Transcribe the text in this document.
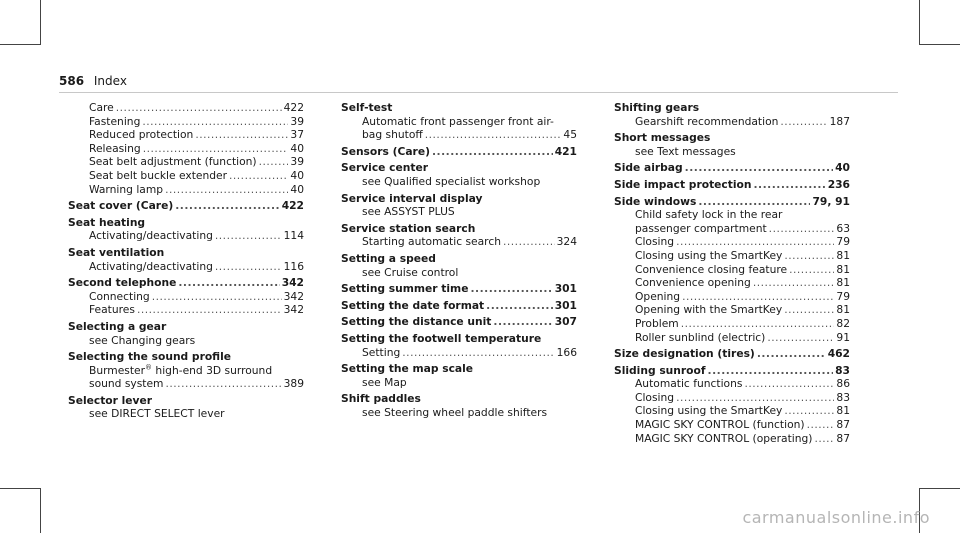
586 Index
Care .....	422
Fastening .....	39
Reduced protection .....	37
Releasing .....	40
Seat belt adjustment (function) .....	39
Seat belt buckle extender .....	40
Warning lamp .....	40
Seat cover (Care) .....	422
Seat heating
Activating/deactivating .....	114
Seat ventilation
Activating/deactivating .....	116
Second telephone .....	342
Connecting .....	342
Features .....	342
Selecting a gear
see Changing gears
Selecting the sound profile
Burmester® high-end 3D surround
sound system .....	389
Selector lever
see DIRECT SELECT lever
Self-test
Automatic front passenger front air-
bag shutoff .....	45
Sensors (Care) .....	421
Service center
see Qualified specialist workshop
Service interval display
see ASSYST PLUS
Service station search
Starting automatic search .....	324
Setting a speed
see Cruise control
Setting summer time .....	301
Setting the date format .....	301
Setting the distance unit .....	307
Setting the footwell temperature
Setting .....	166
Setting the map scale
see Map
Shift paddles
see Steering wheel paddle shifters
Shifting gears
Gearshift recommendation .....	187
Short messages
see Text messages
Side airbag .....	40
Side impact protection .....	236
Side windows .....	79, 91
Child safety lock in the rear
passenger compartment .....	63
Closing .....	79
Closing using the SmartKey .....	81
Convenience closing feature .....	81
Convenience opening .....	81
Opening .....	79
Opening with the SmartKey .....	81
Problem .....	82
Roller sunblind (electric) .....	91
Size designation (tires) .....	462
Sliding sunroof .....	83
Automatic functions .....	86
Closing .....	83
Closing using the SmartKey .....	81
MAGIC SKY CONTROL (function) .....	87
MAGIC SKY CONTROL (operating) ..... 87
carmanualsonline.info
